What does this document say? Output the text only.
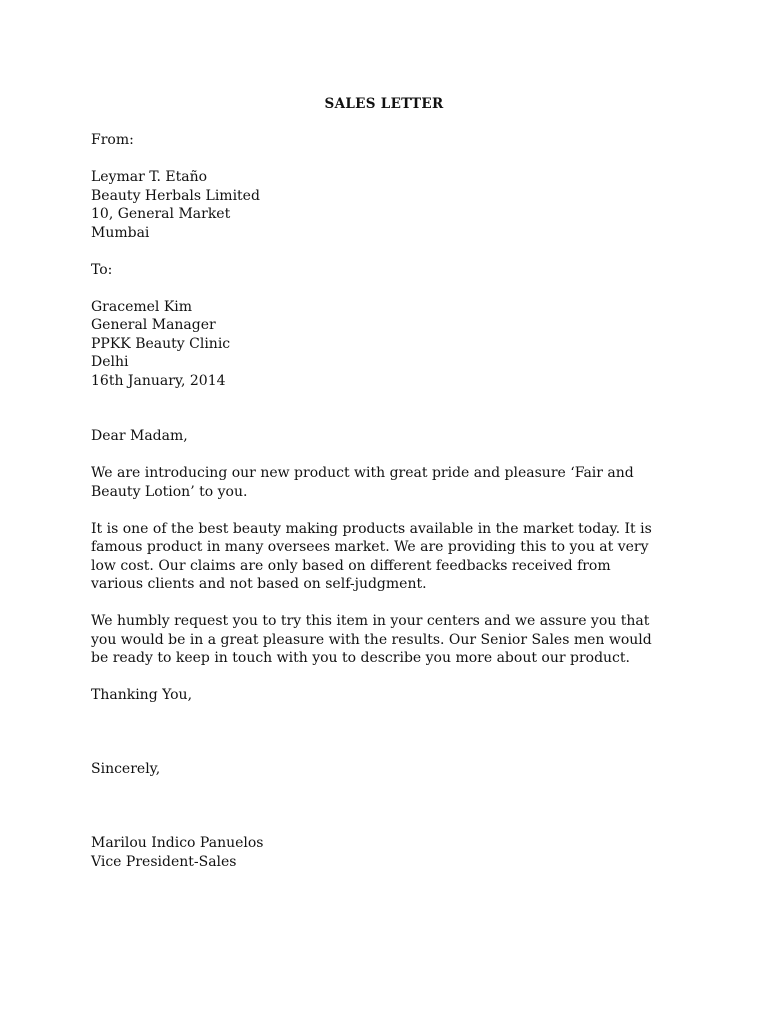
SALES LETTER
From:
Leymar T. Etaño
Beauty Herbals Limited
10, General Market
Mumbai
To:
Gracemel Kim
General Manager
PPKK Beauty Clinic
Delhi
16th January, 2014
Dear Madam,
We are introducing our new product with great pride and pleasure ‘Fair and
Beauty Lotion’ to you.
It is one of the best beauty making products available in the market today. It is
famous product in many oversees market. We are providing this to you at very
low cost. Our claims are only based on different feedbacks received from
various clients and not based on self-judgment.
We humbly request you to try this item in your centers and we assure you that
you would be in a great pleasure with the results. Our Senior Sales men would
be ready to keep in touch with you to describe you more about our product.
Thanking You,
Sincerely,
Marilou Indico Panuelos
Vice President-Sales
